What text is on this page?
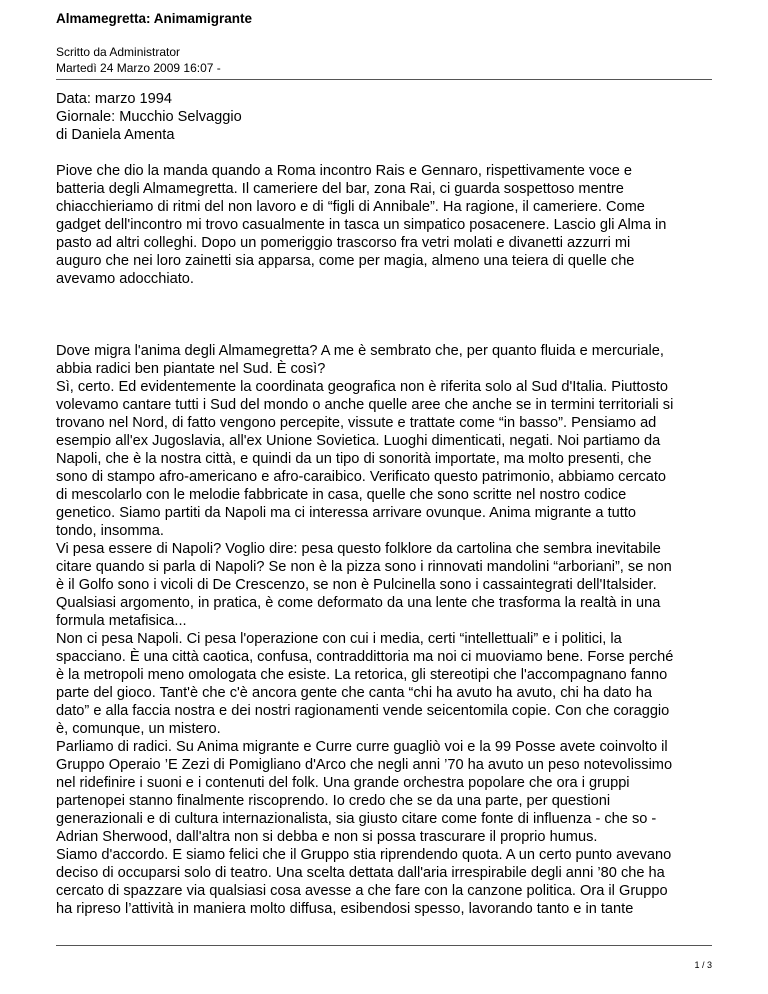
Almamegretta: Animamigrante
Scritto da Administrator
Martedì 24 Marzo 2009 16:07 -
Data: marzo 1994
Giornale: Mucchio Selvaggio
di Daniela Amenta
Piove che dio la manda quando a Roma incontro Rais e Gennaro, rispettivamente voce e
batteria degli Almamegretta. Il cameriere del bar, zona Rai, ci guarda sospettoso mentre
chiacchieriamo di ritmi del non lavoro e di “figli di Annibale”. Ha ragione, il cameriere. Come
gadget dell'incontro mi trovo casualmente in tasca un simpatico posacenere. Lascio gli Alma in
pasto ad altri colleghi. Dopo un pomeriggio trascorso fra vetri molati e divanetti azzurri mi
auguro che nei loro zainetti sia apparsa, come per magia, almeno una teiera di quelle che
avevamo adocchiato.
Dove migra l'anima degli Almamegretta? A me è sembrato che, per quanto fluida e mercuriale,
abbia radici ben piantate nel Sud. È così?
Sì, certo. Ed evidentemente la coordinata geografica non è riferita solo al Sud d'Italia. Piuttosto
volevamo cantare tutti i Sud del mondo o anche quelle aree che anche se in termini territoriali si
trovano nel Nord, di fatto vengono percepite, vissute e trattate come “in basso”. Pensiamo ad
esempio all'ex Jugoslavia, all'ex Unione Sovietica. Luoghi dimenticati, negati. Noi partiamo da
Napoli, che è la nostra città, e quindi da un tipo di sonorità importate, ma molto presenti, che
sono di stampo afro-americano e afro-caraibico. Verificato questo patrimonio, abbiamo cercato
di mescolarlo con le melodie fabbricate in casa, quelle che sono scritte nel nostro codice
genetico. Siamo partiti da Napoli ma ci interessa arrivare ovunque. Anima migrante a tutto
tondo, insomma.
Vi pesa essere di Napoli? Voglio dire: pesa questo folklore da cartolina che sembra inevitabile
citare quando si parla di Napoli? Se non è la pizza sono i rinnovati mandolini “arboriani”, se non
è il Golfo sono i vicoli di De Crescenzo, se non è Pulcinella sono i cassaintegrati dell'Italsider.
Qualsiasi argomento, in pratica, è come deformato da una lente che trasforma la realtà in una
formula metafisica...
Non ci pesa Napoli. Ci pesa l'operazione con cui i media, certi “intellettuali” e i politici, la
spacciano. È una città caotica, confusa, contraddittoria ma noi ci muoviamo bene. Forse perché
è la metropoli meno omologata che esiste. La retorica, gli stereotipi che l'accompagnano fanno
parte del gioco. Tant'è che c'è ancora gente che canta “chi ha avuto ha avuto, chi ha dato ha
dato” e alla faccia nostra e dei nostri ragionamenti vende seicentomila copie. Con che coraggio
è, comunque, un mistero.
Parliamo di radici. Su Anima migrante e Curre curre guagliò voi e la 99 Posse avete coinvolto il
Gruppo Operaio ’E Zezi di Pomigliano d'Arco che negli anni ’70 ha avuto un peso notevolissimo
nel ridefinire i suoni e i contenuti del folk. Una grande orchestra popolare che ora i gruppi
partenopei stanno finalmente riscoprendo. Io credo che se da una parte, per questioni
generazionali e di cultura internazionalista, sia giusto citare come fonte di influenza - che so -
Adrian Sherwood, dall'altra non si debba e non si possa trascurare il proprio humus.
Siamo d'accordo. E siamo felici che il Gruppo stia riprendendo quota. A un certo punto avevano
deciso di occuparsi solo di teatro. Una scelta dettata dall'aria irrespirabile degli anni ’80 che ha
cercato di spazzare via qualsiasi cosa avesse a che fare con la canzone politica. Ora il Gruppo
ha ripreso l’attività in maniera molto diffusa, esibendosi spesso, lavorando tanto e in tante
1 / 3
